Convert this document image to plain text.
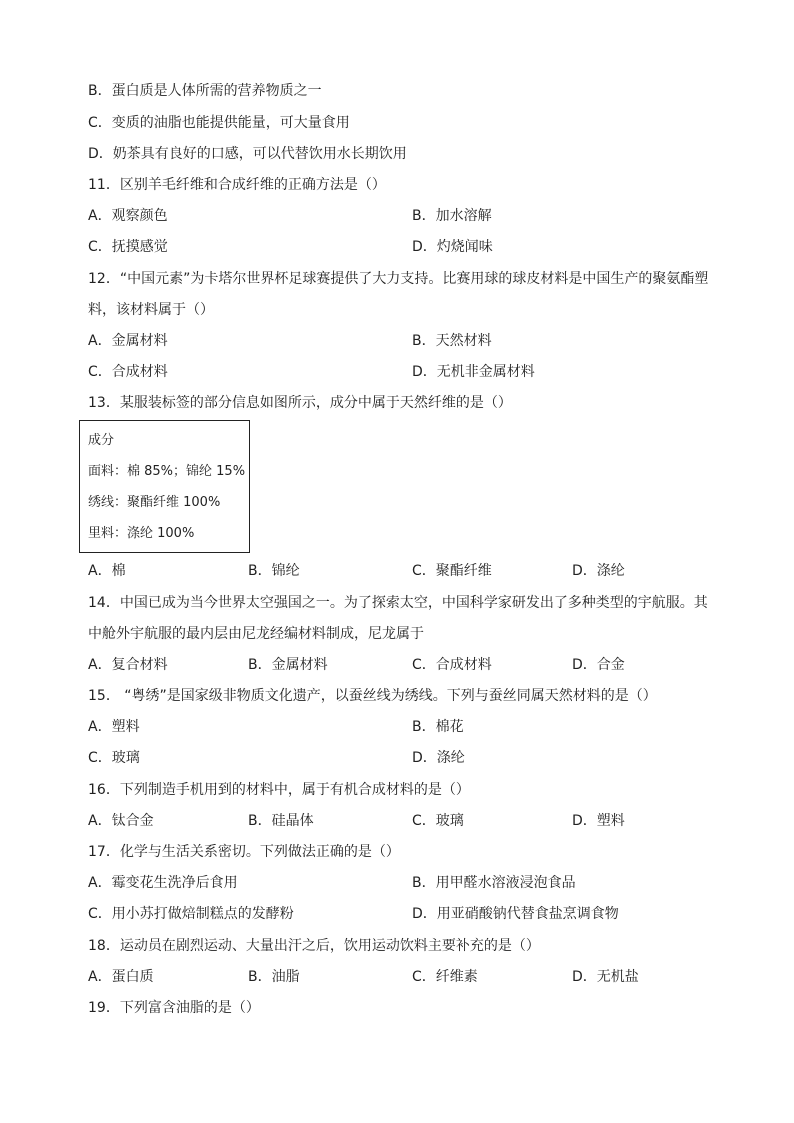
B．蛋白质是人体所需的营养物质之一
C．变质的油脂也能提供能量，可大量食用
D．奶茶具有良好的口感，可以代替饮用水长期饮用
11．区别羊毛纤维和合成纤维的正确方法是（）
A．观察颜色	B．加水溶解
C．抚摸感觉	D．灼烧闻味
12．“中国元素”为卡塔尔世界杯足球赛提供了大力支持。比赛用球的球皮材料是中国生产的聚氨酯塑
料，该材料属于（）
A．金属材料	B．天然材料
C．合成材料	D．无机非金属材料
13．某服装标签的部分信息如图所示，成分中属于天然纤维的是（）
成分
面料：棉 85%；锦纶 15%
绣线：聚酯纤维 100%
里料：涤纶 100%
A．棉	B．锦纶	C．聚酯纤维	D．涤纶
14．中国已成为当今世界太空强国之一。为了探索太空，中国科学家研发出了多种类型的宇航服。其
中舱外宇航服的最内层由尼龙经编材料制成，尼龙属于
A．复合材料	B．金属材料	C．合成材料	D．合金
15． “粤绣”是国家级非物质文化遗产，以蚕丝线为绣线。下列与蚕丝同属天然材料的是（）
A．塑料	B．棉花
C．玻璃	D．涤纶
16．下列制造手机用到的材料中，属于有机合成材料的是（）
A．钛合金	B．硅晶体	C．玻璃	D．塑料
17．化学与生活关系密切。下列做法正确的是（）
A．霉变花生洗净后食用	B．用甲醛水溶液浸泡食品
C．用小苏打做焙制糕点的发酵粉	D．用亚硝酸钠代替食盐烹调食物
18．运动员在剧烈运动、大量出汗之后，饮用运动饮料主要补充的是（）
A．蛋白质	B．油脂	C．纤维素	D．无机盐
19．下列富含油脂的是（）
